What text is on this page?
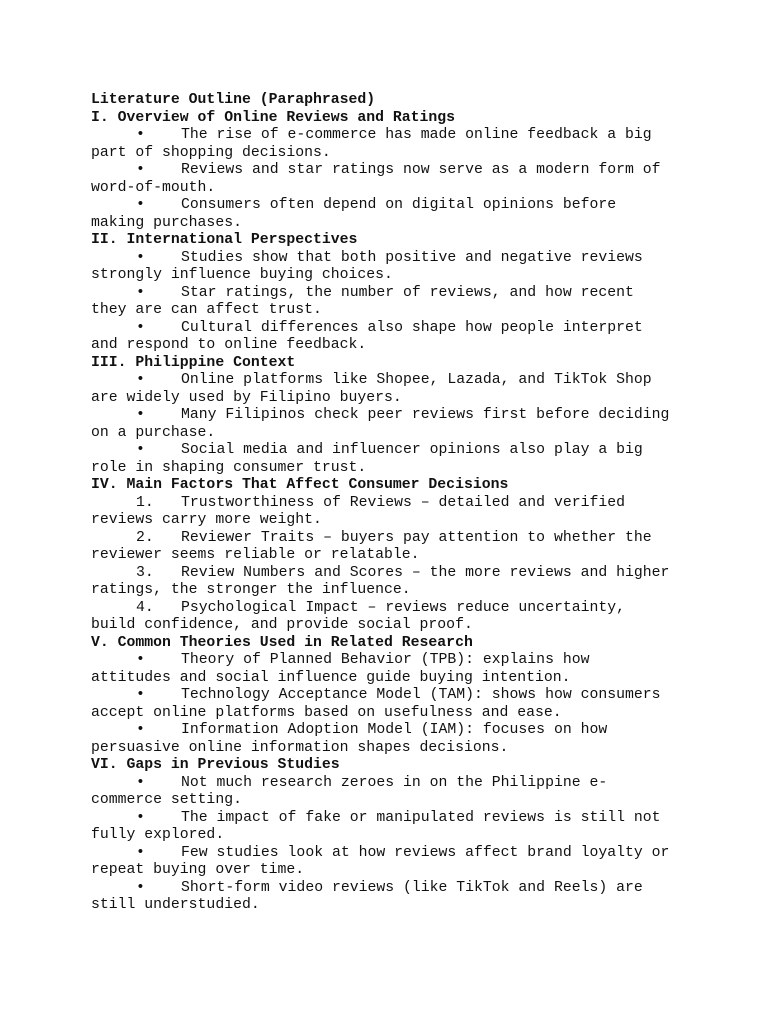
Literature Outline (Paraphrased)
I. Overview of Online Reviews and Ratings
• The rise of e-commerce has made online feedback a big
part of shopping decisions.
• Reviews and star ratings now serve as a modern form of
word-of-mouth.
• Consumers often depend on digital opinions before
making purchases.
II. International Perspectives
• Studies show that both positive and negative reviews
strongly influence buying choices.
• Star ratings, the number of reviews, and how recent
they are can affect trust.
• Cultural differences also shape how people interpret
and respond to online feedback.
III. Philippine Context
• Online platforms like Shopee, Lazada, and TikTok Shop
are widely used by Filipino buyers.
• Many Filipinos check peer reviews first before deciding
on a purchase.
• Social media and influencer opinions also play a big
role in shaping consumer trust.
IV. Main Factors That Affect Consumer Decisions
1. Trustworthiness of Reviews – detailed and verified
reviews carry more weight.
2. Reviewer Traits – buyers pay attention to whether the
reviewer seems reliable or relatable.
3. Review Numbers and Scores – the more reviews and higher
ratings, the stronger the influence.
4. Psychological Impact – reviews reduce uncertainty,
build confidence, and provide social proof.
V. Common Theories Used in Related Research
• Theory of Planned Behavior (TPB): explains how
attitudes and social influence guide buying intention.
• Technology Acceptance Model (TAM): shows how consumers
accept online platforms based on usefulness and ease.
• Information Adoption Model (IAM): focuses on how
persuasive online information shapes decisions.
VI. Gaps in Previous Studies
• Not much research zeroes in on the Philippine e-
commerce setting.
• The impact of fake or manipulated reviews is still not
fully explored.
• Few studies look at how reviews affect brand loyalty or
repeat buying over time.
• Short-form video reviews (like TikTok and Reels) are
still understudied.
